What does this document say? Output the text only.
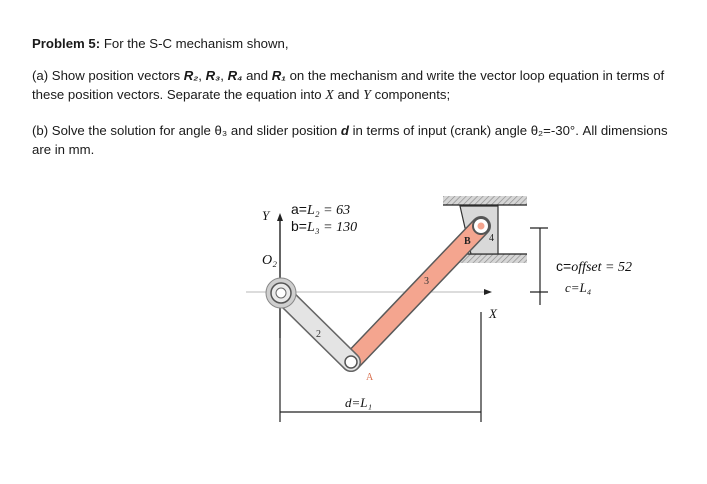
Problem 5: For the S-C mechanism shown,
(a) Show position vectors R₂, R₃, R₄ and R₁ on the mechanism and write the vector loop equation in terms of these position vectors. Separate the equation into X and Y components;
(b) Solve the solution for angle θ₃ and slider position d in terms of input (crank) angle θ₂=-30°. All dimensions are in mm.
a=L₂ = 63
b=L₃ = 130
Y
X
O₂
2
3
4
B
A
c=offset = 52
c=L₄
d=L₁
